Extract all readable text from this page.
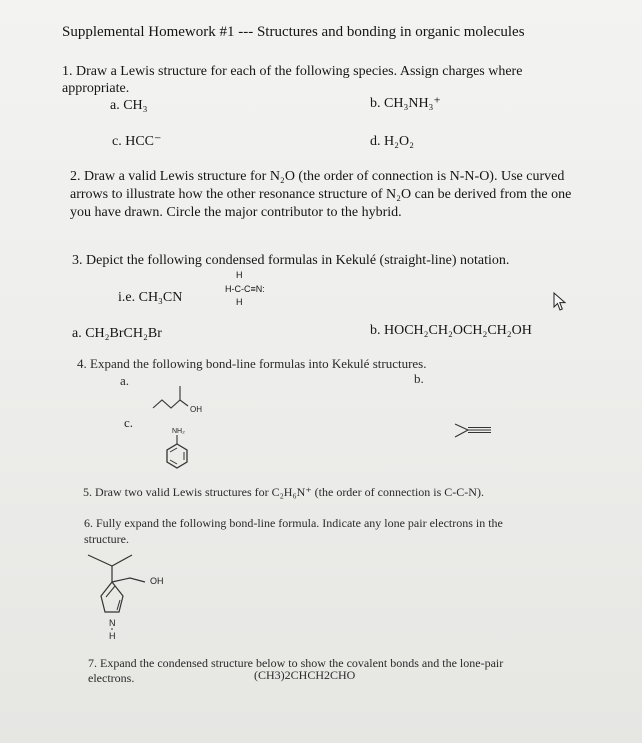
Supplemental Homework #1 --- Structures and bonding in organic molecules
1. Draw a Lewis structure for each of the following species. Assign charges where
appropriate.
a. CH₃	b. CH₃NH₃⁺
c. HCC⁻	d. H₂O₂
2. Draw a valid Lewis structure for N₂O (the order of connection is N-N-O). Use curved
arrows to illustrate how the other resonance structure of N₂O can be derived from the one
you have drawn. Circle the major contributor to the hybrid.
3. Depict the following condensed formulas in Kekulé (straight-line) notation.
i.e. CH₃CN
H
H-C-C≡N:
H
a. CH₂BrCH₂Br	b. HOCH₂CH₂OCH₂CH₂OH
4. Expand the following bond-line formulas into Kekulé structures.
a.	b.
c.
OH
NH₂
5. Draw two valid Lewis structures for C₂H₆N⁺ (the order of connection is C-C-N).
6. Fully expand the following bond-line formula. Indicate any lone pair electrons in the
structure.
OH
N
H
7. Expand the condensed structure below to show the covalent bonds and the lone-pair
electrons.	(CH3)2CHCH2CHO
